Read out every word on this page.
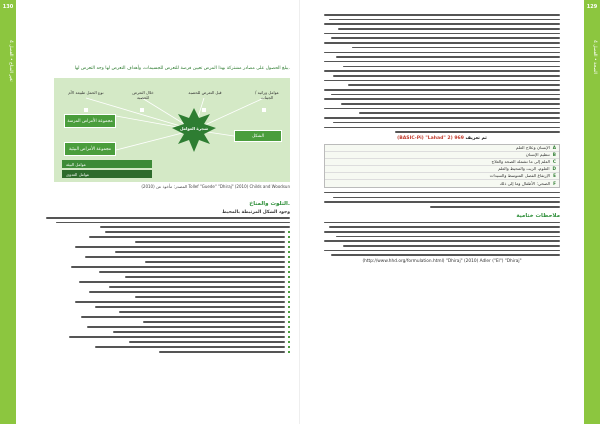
130
تغير المناخ • الفصل 4
129
الصحة • الفصل 4
يبلغ الحصول على مصادر مشتركة بهذا المرض تعيين فرصة للتعرض للجسيمات، وأهداف التعرض لها وجه التعرض لها.
عوامل وراثية / الجينات
قبل التعرض للحصبة
خلال التعرض للحصبة
نوع الحمل طبيعة الأم
شجرة العوامل
مجموعة الأمراض المزمنة
مجموعة الأمراض البيئية
الشكل
عوامل البيئة
عوامل العدوى
المصدر: مأخوذ عن (2010) Tollef "Guede" "Dhiraj" (2010) Childs and Woodsun
التلوث والمناخ.
وجود الشكل المرتبطة بالمحيط
(BASIC-Pi) "Lahad" 2) 969 ثم تعريف
الإنسان وعلاج العلم A
تنظيم الإنسان B
العلم إلى ما تشمله الصحة والعلاج C
العلوم، الزيت والمحيط والعلم D
الإرتفاع الفصل المتوسط والسيدات E
الصحي: الأطفال وما إلى ذلك F
ملاحظات ختامية
(http://www.hhd.org/formulation.html) "Dhiraj" (2010) Adler ("El") "Dhiraj"
